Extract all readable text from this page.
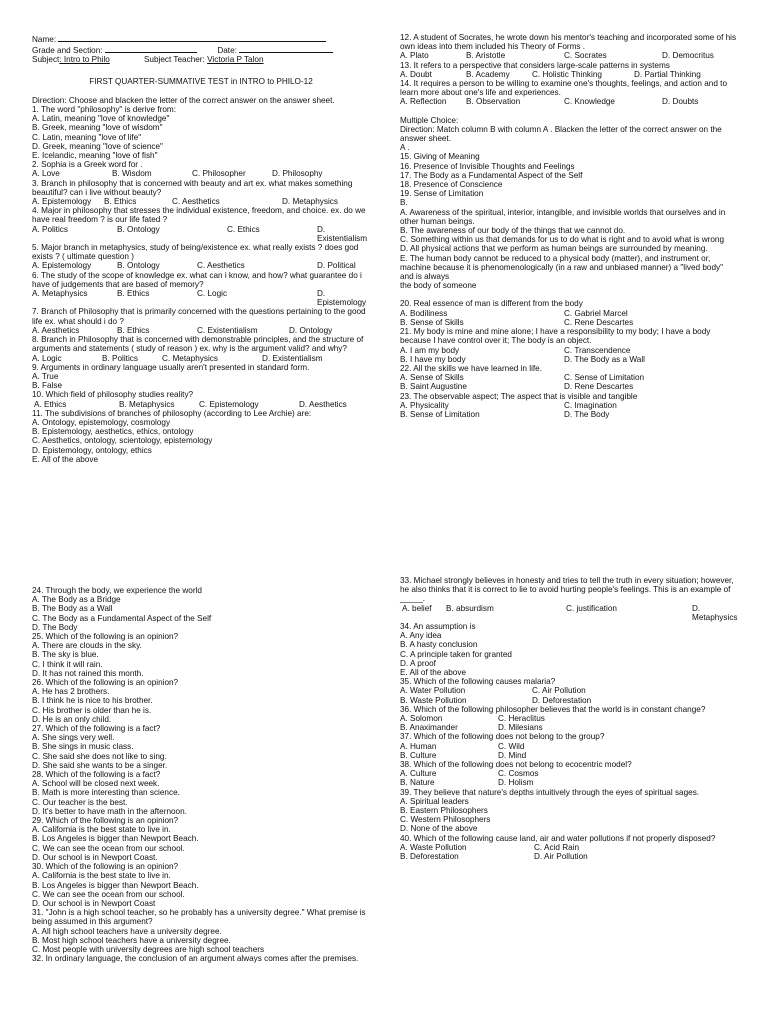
Name:
Grade and Section:	Date:
Subject: Intro to Philo	Subject Teacher: Victoria P Talon
FIRST QUARTER-SUMMATIVE TEST in INTRO to PHILO-12
Direction: Choose and blacken the letter of the correct answer on the answer sheet.
1. The word "philosophy" is derive from:
A. Latin, meaning "love of knowledge"
B. Greek, meaning "love of wisdom"
C. Latin, meaning "love of life"
D. Greek, meaning "love of science"
E. Icelandic, meaning "love of fish"
2. Sophia is a Greek word for .
A. Love	B. Wisdom	C. Philosopher	D. Philosophy
3. Branch in philosophy that is concerned with beauty and art ex. what makes something beautiful? can i live without beauty?
A. Epistemology	B. Ethics	C. Aesthetics	D. Metaphysics
4. Major in philosophy that stresses the individual existence, freedom, and choice. ex. do we have real freedom ? is our life fated ?
A. Politics	B. Ontology	C. Ethics	D. Existentialism
5. Major branch in metaphysics, study of being/existence ex. what really exists ? does god exists ? ( ultimate question )
A. Epistemology	B. Ontology	C. Aesthetics	D. Political
6. The study of the scope of knowledge ex. what can i know, and how? what guarantee do i have of judgements that are based of memory?
A. Metaphysics	B. Ethics	C. Logic	D. Epistemology
7. Branch of Philosophy that is primarily concerned with the questions pertaining to the good life ex. what should i do ?
A. Aesthetics	B. Ethics	C. Existentialism	D. Ontology
8. Branch in Philosophy that is concerned with demonstrable principles, and the structure of arguments and statements ( study of reason ) ex. why is the argument valid? and why?
A. Logic	B. Politics	C. Metaphysics	D. Existentialism
9. Arguments in ordinary language usually aren't presented in standard form.
A. True
B. False
10. Which field of philosophy studies reality?
A. Ethics	B. Metaphysics	C. Epistemology	D. Aesthetics
11. The subdivisions of branches of philosophy (according to Lee Archie) are:
A. Ontology, epistemology, cosmology
B. Epistemology, aesthetics, ethics, ontology
C. Aesthetics, ontology, scientology, epistemology
D. Epistemology, ontology, ethics
E. All of the above
12. A student of Socrates, he wrote down his mentor's teaching and incorporated some of his own ideas into them included his Theory of Forms .
A. Plato	B. Aristotle	C. Socrates	D. Democritus
13. It refers to a perspective that considers large-scale patterns in systems
A. Doubt	B. Academy	C. Holistic Thinking	D. Partial Thinking
14. It requires a person to be willing to examine one's thoughts, feelings, and action and to learn more about one's life and experiences.
A. Reflection	B. Observation	C. Knowledge	D. Doubts
Multiple Choice:
Direction: Match column B with column A . Blacken the letter of the correct answer on the answer sheet.
A .
15. Giving of Meaning
16. Presence of Invisible Thoughts and Feelings
17. The Body as a Fundamental Aspect of the Self
18. Presence of Conscience
19. Sense of Limitation
B.
A. Awareness of the spiritual, interior, intangible, and invisible worlds that ourselves and in other human beings.
B. The awareness of our body of the things that we cannot do.
C. Something within us that demands for us to do what is right and to avoid what is wrong
D. All physical actions that we perform as human beings are surrounded by meaning.
E. The human body cannot be reduced to a physical body (matter), and instrument or, machine because it is phenomenologically (in a raw and unbiased manner) a "lived body" and is always
the body of someone
20. Real essence of man is different from the body
A. Bodiliness	C. Gabriel Marcel
B. Sense of Skills	C. Rene Descartes
21. My body is mine and mine alone; I have a responsibility to my body; I have a body because I have control over it; The body is an object.
A. I am my body	C. Transcendence
B. I have my body	D. The Body as a Wall
22. All the skills we have learned in life.
A. Sense of Skills	C. Sense of Limitation
B. Saint Augustine	D. Rene Descartes
23. The observable aspect; The aspect that is visible and tangible
A. Physicality	C. Imagination
B. Sense of Limitation	D. The Body
24. Through the body, we experience the world
A. The Body as a Bridge
B. The Body as a Wall
C. The Body as a Fundamental Aspect of the Self
D. The Body
25. Which of the following is an opinion?
A. There are clouds in the sky.
B. The sky is blue.
C. I think it will rain.
D. It has not rained this month.
26. Which of the following is an opinion?
A. He has 2 brothers.
B. I think he is nice to his brother.
C. His brother is older than he is.
D. He is an only child.
27. Which of the following is a fact?
A. She sings very well.
B. She sings in music class.
C. She said she does not like to sing.
D. She said she wants to be a singer.
28. Which of the following is a fact?
A. School will be closed next week.
B. Math is more interesting than science.
C. Our teacher is the best.
D. It's better to have math in the afternoon.
29. Which of the following is an opinion?
A. California is the best state to live in.
B. Los Angeles is bigger than Newport Beach.
C. We can see the ocean from our school.
D. Our school is in Newport Coast.
30. Which of the following is an opinion?
A. California is the best state to live in.
B. Los Angeles is bigger than Newport Beach.
C. We can see the ocean from our school.
D. Our school is in Newport Coast
31. "John is a high school teacher, so he probably has a university degree." What premise is being assumed in this argument?
A. All high school teachers have a university degree.
B. Most high school teachers have a university degree.
C. Most people with university degrees are high school teachers
32. In ordinary language, the conclusion of an argument always comes after the premises.
33. Michael strongly believes in honesty and tries to tell the truth in every situation; however, he also thinks that it is correct to lie to avoid hurting people's feelings. This is an example of _____.
A. belief	B. absurdism	C. justification	D. Metaphysics
34. An assumption is
A. Any idea
B. A hasty conclusion
C. A principle taken for granted
D. A proof
E. All of the above
35. Which of the following causes malaria?
A. Water Pollution	C. Air Pollution
B. Waste Pollution	D. Deforestation
36. Which of the following philosopher believes that the world is in constant change?
A. Solomon	C. Heraclitus
B. Anaximander	D. Milesians
37. Which of the following does not belong to the group?
A. Human	C. Wild
B. Culture	D. Mind
38. Which of the following does not belong to ecocentric model?
A. Culture	C. Cosmos
B. Nature	D. Holism
39. They believe that nature's depths intuitively through the eyes of spiritual sages.
A. Spiritual leaders
B. Eastern Philosophers
C. Western Philosophers
D. None of the above
40. Which of the following cause land, air and water pollutions if not properly disposed?
A. Waste Pollution	C. Acid Rain
B. Deforestation	D. Air Pollution
